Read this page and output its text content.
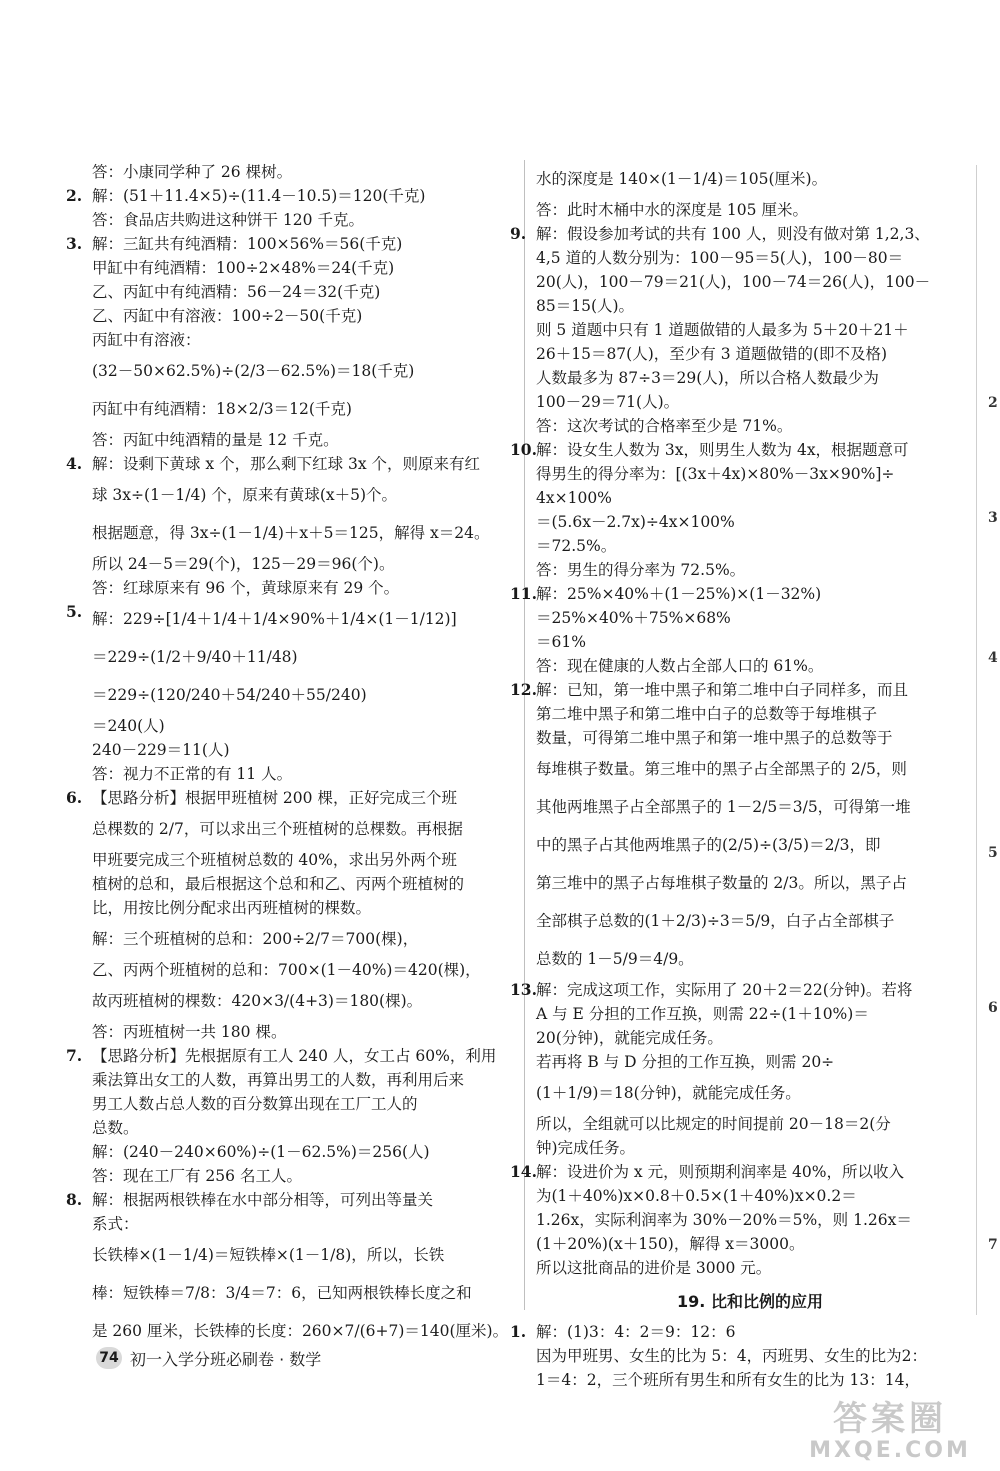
答：小康同学种了 26 棵树。

2. 解：(51＋11.4×5)÷(11.4－10.5)＝120(千克)

答：食品店共购进这种饼干 120 千克。

3. 解：三缸共有纯酒精：100×56%＝56(千克)

甲缸中有纯酒精：100÷2×48%＝24(千克)

乙、丙缸中有纯酒精：56－24＝32(千克)

乙、丙缸中有溶液：100÷2－50(千克)

丙缸中有溶液：

(32－50×62.5%)÷(2/3－62.5%)＝18(千克)

丙缸中有纯酒精：18×2/3＝12(千克)

答：丙缸中纯酒精的量是 12 千克。

4. 解：设剩下黄球 x 个，那么剩下红球 3x 个，则原来有红

球 3x÷(1－1/4) 个，原来有黄球(x＋5)个。

根据题意，得 3x÷(1－1/4)＋x＋5＝125，解得 x＝24。

所以 24－5＝29(个)，125－29＝96(个)。

答：红球原来有 96 个，黄球原来有 29 个。

5. 解：229÷[1/4＋1/4＋1/4×90%＋1/4×(1－1/12)]

＝229÷(1/2＋9/40＋11/48)

＝229÷(120/240＋54/240＋55/240)

＝240(人)

240－229＝11(人)

答：视力不正常的有 11 人。

6. 【思路分析】根据甲班植树 200 棵，正好完成三个班

总棵数的 2/7，可以求出三个班植树的总棵数。再根据

甲班要完成三个班植树总数的 40%，求出另外两个班

植树的总和，最后根据这个总和和乙、丙两个班植树的

比，用按比例分配求出丙班植树的棵数。

解：三个班植树的总和：200÷2/7＝700(棵)，

乙、丙两个班植树的总和：700×(1－40%)＝420(棵)，

故丙班植树的棵数：420×3/(4+3)＝180(棵)。

答：丙班植树一共 180 棵。

7. 【思路分析】先根据原有工人 240 人，女工占 60%，利用

乘法算出女工的人数，再算出男工的人数，再利用后来

男工人数占总人数的百分数算出现在工厂工人的

总数。

解：(240－240×60%)÷(1－62.5%)＝256(人)

答：现在工厂有 256 名工人。

8. 解：根据两根铁棒在水中部分相等，可列出等量关

系式：

长铁棒×(1－1/4)＝短铁棒×(1－1/8)，所以，长铁

棒：短铁棒＝7/8：3/4＝7：6，已知两根铁棒长度之和

是 260 厘米，长铁棒的长度：260×7/(6+7)＝140(厘米)。

水的深度是 140×(1－1/4)＝105(厘米)。

答：此时木桶中水的深度是 105 厘米。

9. 解：假设参加考试的共有 100 人，则没有做对第 1,2,3、

4,5 道的人数分别为：100－95＝5(人)，100－80＝

20(人)，100－79＝21(人)，100－74＝26(人)，100－

85＝15(人)。

则 5 道题中只有 1 道题做错的人最多为 5＋20＋21＋

26＋15＝87(人)，至少有 3 道题做错的(即不及格)

人数最多为 87÷3＝29(人)，所以合格人数最少为

100－29＝71(人)。

答：这次考试的合格率至少是 71%。

10. 解：设女生人数为 3x，则男生人数为 4x，根据题意可

得男生的得分率为：[(3x＋4x)×80%－3x×90%]÷

4x×100%

＝(5.6x－2.7x)÷4x×100%

＝72.5%。

答：男生的得分率为 72.5%。

11. 解：25%×40%＋(1－25%)×(1－32%)

＝25%×40%＋75%×68%

＝61%

答：现在健康的人数占全部人口的 61%。

12. 解：已知，第一堆中黑子和第二堆中白子同样多，而且

第二堆中黑子和第二堆中白子的总数等于每堆棋子

数量，可得第二堆中黑子和第一堆中黑子的总数等于

每堆棋子数量。第三堆中的黑子占全部黑子的 2/5，则

其他两堆黑子占全部黑子的 1－2/5＝3/5，可得第一堆

中的黑子占其他两堆黑子的(2/5)÷(3/5)＝2/3，即

第三堆中的黑子占每堆棋子数量的 2/3。所以，黑子占

全部棋子总数的(1＋2/3)÷3＝5/9，白子占全部棋子

总数的 1－5/9＝4/9。

13. 解：完成这项工作，实际用了 20＋2＝22(分钟)。若将

A 与 E 分担的工作互换，则需 22÷(1＋10%)＝

20(分钟)，就能完成任务。

若再将 B 与 D 分担的工作互换，则需 20÷

(1＋1/9)＝18(分钟)，就能完成任务。

所以，全组就可以比规定的时间提前 20－18＝2(分

钟)完成任务。

14. 解：设进价为 x 元，则预期利润率是 40%，所以收入

为(1＋40%)x×0.8＋0.5×(1＋40%)x×0.2＝

1.26x，实际利润率为 30%－20%＝5%，则 1.26x＝

(1＋20%)(x＋150)，解得 x＝3000。

所以这批商品的进价是 3000 元。

19. 比和比例的应用
1. 解：(1)3：4：2＝9：12：6

因为甲班男、女生的比为 5：4，丙班男、女生的比为2：

1＝4：2，三个班所有男生和所有女生的比为 13：14，

2
3
4
5
6
7
74 初一入学分班必刷卷 · 数学
答案圈
MXQE.COM
